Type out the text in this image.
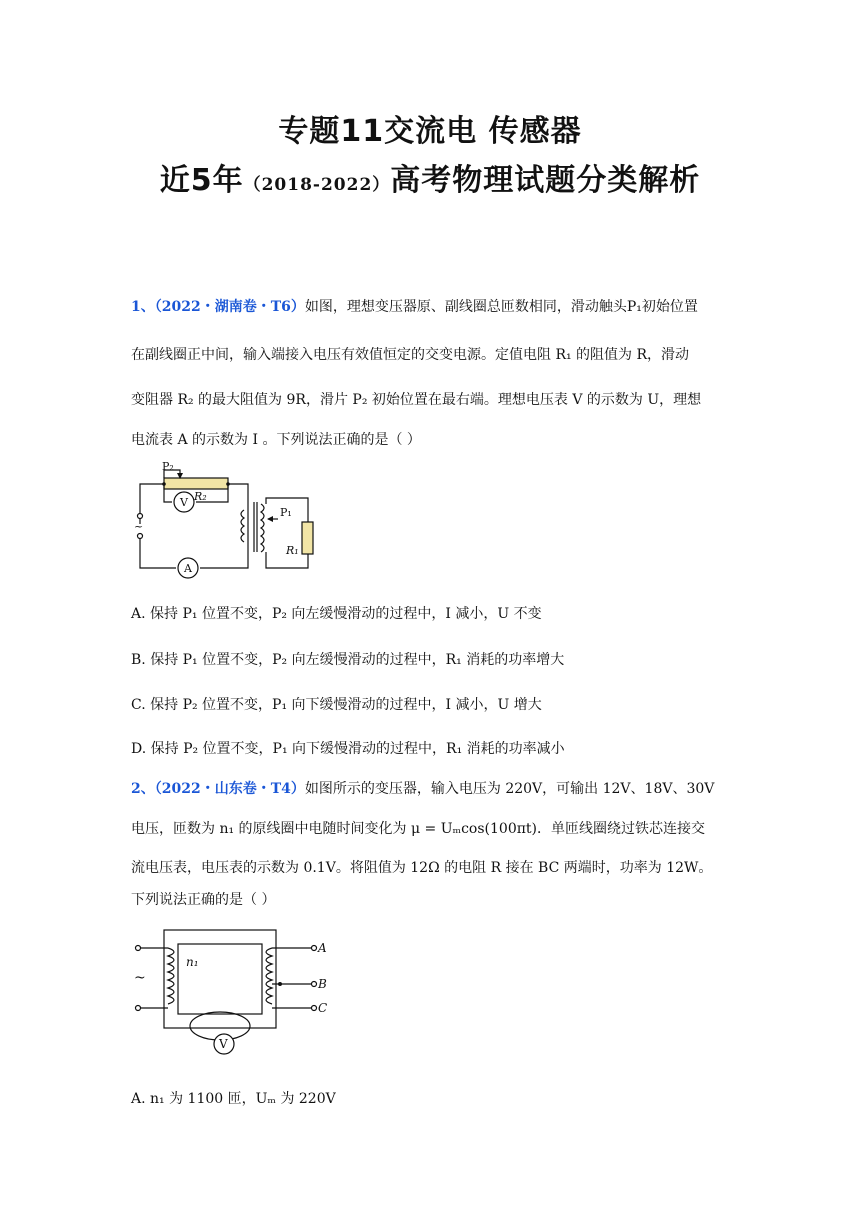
专题11交流电 传感器
近5年（2018-2022）高考物理试题分类解析
1、（2022・湖南卷・T6）如图，理想变压器原、副线圈总匝数相同，滑动触头P₁初始位置
在副线圈正中间，输入端接入电压有效值恒定的交变电源。定值电阻 R₁ 的阻值为 R，滑动
变阻器 R₂ 的最大阻值为 9R，滑片 P₂ 初始位置在最右端。理想电压表 V 的示数为 U，理想
电流表 A 的示数为 I 。下列说法正确的是（ ）
P₂
R₂
V
A
P₁
R₁
~
A. 保持 P₁ 位置不变，P₂ 向左缓慢滑动的过程中，I 减小，U 不变
B. 保持 P₁ 位置不变，P₂ 向左缓慢滑动的过程中，R₁ 消耗的功率增大
C. 保持 P₂ 位置不变，P₁ 向下缓慢滑动的过程中，I 减小，U 增大
D. 保持 P₂ 位置不变，P₁ 向下缓慢滑动的过程中，R₁ 消耗的功率减小
2、（2022・山东卷・T4）如图所示的变压器，输入电压为 220V，可输出 12V、18V、30V
电压，匝数为 n₁ 的原线圈中电随时间变化为 μ = Uₘcos(100πt)．单匝线圈绕过铁芯连接交
流电压表，电压表的示数为 0.1V。将阻值为 12Ω 的电阻 R 接在 BC 两端时，功率为 12W。
下列说法正确的是（ ）
A
B
C
n₁
~
V
A. n₁ 为 1100 匝，Uₘ 为 220V
